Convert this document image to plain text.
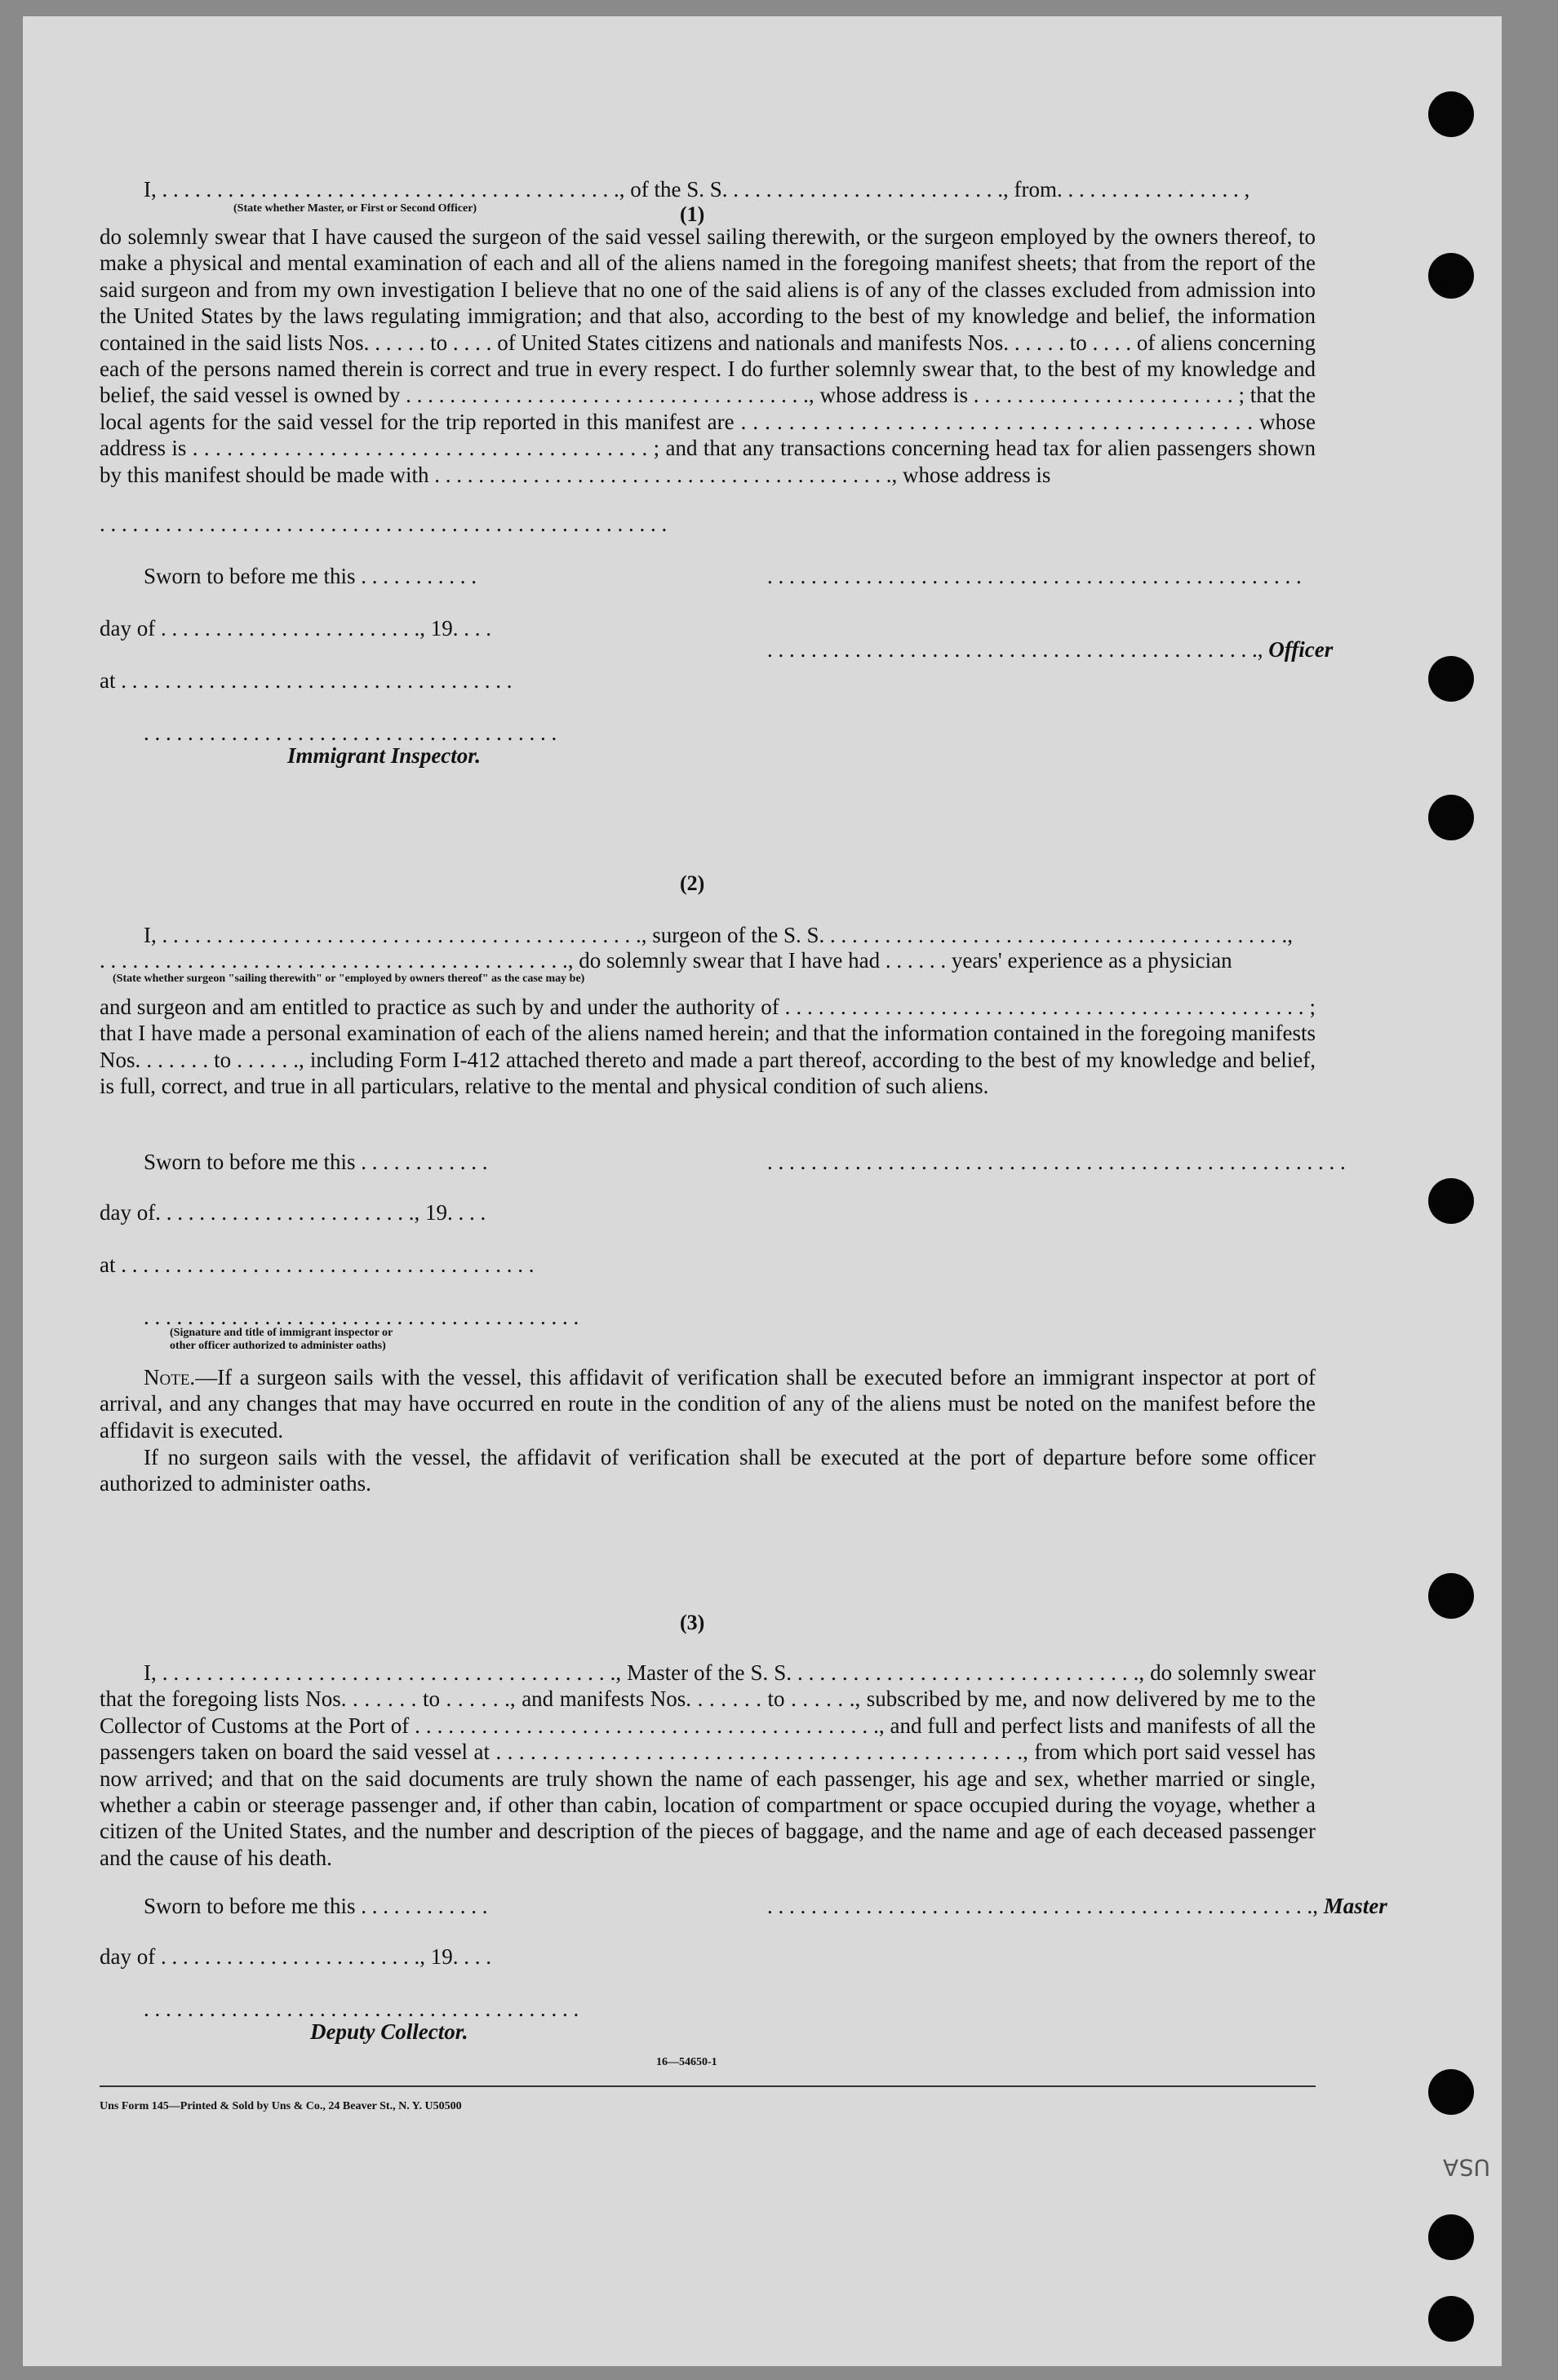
(1)
I, . . . . . . . . . . . . . . . . . . . . . . . . . . . . . . . . . . . . . . . . . ., of the S. S. . . . . . . . . . . . . . . . . . . . . . . . . ., from. . . . . . . . . . . . . . . . . ,
(State whether Master, or First or Second Officer)
do solemnly swear that I have caused the surgeon of the said vessel sailing therewith, or the surgeon employed by the owners thereof, to make a physical and mental examination of each and all of the aliens named in the foregoing manifest sheets; that from the report of the said surgeon and from my own investigation I believe that no one of the said aliens is of any of the classes excluded from admission into the United States by the laws regulating immigration; and that also, according to the best of my knowledge and belief, the information contained in the said lists Nos. . . . . . to . . . . of United States citizens and nationals and manifests Nos. . . . . . to . . . . of aliens concerning each of the persons named therein is correct and true in every respect. I do further solemnly swear that, to the best of my knowledge and belief, the said vessel is owned by . . . . . . . . . . . . . . . . . . . . . . . . . . . . . . . . . . . . ., whose address is . . . . . . . . . . . . . . . . . . . . . . . . ; that the local agents for the said vessel for the trip reported in this manifest are . . . . . . . . . . . . . . . . . . . . . . . . . . . . . . . . . . . . . . . . . . . whose address is . . . . . . . . . . . . . . . . . . . . . . . . . . . . . . . . . . . . . . . . ; and that any transactions concerning head tax for alien passengers shown by this manifest should be made with . . . . . . . . . . . . . . . . . . . . . . . . . . . . . . . . . . . . . . . . . ., whose address is
. . . . . . . . . . . . . . . . . . . . . . . . . . . . . . . . . . . . . . . . . . . . . . . . . . . .
Sworn to before me this . . . . . . . . . . .	. . . . . . . . . . . . . . . . . . . . . . . . . . . . . . . . . . . . . . . . . . . . . . . . .
day of . . . . . . . . . . . . . . . . . . . . . . . ., 19. . . .
. . . . . . . . . . . . . . . . . . . . . . . . . . . . . . . . . . . . . . . . . . . . ., Officer
at . . . . . . . . . . . . . . . . . . . . . . . . . . . . . . . . . . . .
. . . . . . . . . . . . . . . . . . . . . . . . . . . . . . . . . . . . . .
Immigrant Inspector.
(2)
I, . . . . . . . . . . . . . . . . . . . . . . . . . . . . . . . . . . . . . . . . . . . ., surgeon of the S. S. . . . . . . . . . . . . . . . . . . . . . . . . . . . . . . . . . . . . . . . . . .,
. . . . . . . . . . . . . . . . . . . . . . . . . . . . . . . . . . . . . . . . . . ., do solemnly swear that I have had . . . . . . years' experience as a physician
(State whether surgeon "sailing therewith" or "employed by owners thereof" as the case may be)
and surgeon and am entitled to practice as such by and under the authority of . . . . . . . . . . . . . . . . . . . . . . . . . . . . . . . . . . . . . . . . . . . . . . . ; that I have made a personal examination of each of the aliens named herein; and that the information contained in the foregoing manifests Nos. . . . . . . to . . . . . ., including Form I-412 attached thereto and made a part thereof, according to the best of my knowledge and belief, is full, correct, and true in all particulars, relative to the mental and physical condition of such aliens.
Sworn to before me this . . . . . . . . . . . .	. . . . . . . . . . . . . . . . . . . . . . . . . . . . . . . . . . . . . . . . . . . . . . . . . . . . .
day of. . . . . . . . . . . . . . . . . . . . . . . ., 19. . . .
at . . . . . . . . . . . . . . . . . . . . . . . . . . . . . . . . . . . . . .
. . . . . . . . . . . . . . . . . . . . . . . . . . . . . . . . . . . . . . . .
(Signature and title of immigrant inspector or
other officer authorized to administer oaths)
Note.—If a surgeon sails with the vessel, this affidavit of verification shall be executed before an immigrant inspector at port of arrival, and any changes that may have occurred en route in the condition of any of the aliens must be noted on the manifest before the affidavit is executed.
If no surgeon sails with the vessel, the affidavit of verification shall be executed at the port of departure before some officer authorized to administer oaths.
(3)
I, . . . . . . . . . . . . . . . . . . . . . . . . . . . . . . . . . . . . . . . . ., Master of the S. S. . . . . . . . . . . . . . . . . . . . . . . . . . . . . . . ., do solemnly swear that the foregoing lists Nos. . . . . . . to . . . . . ., and manifests Nos. . . . . . . to . . . . . ., subscribed by me, and now delivered by me to the Collector of Customs at the Port of . . . . . . . . . . . . . . . . . . . . . . . . . . . . . . . . . . . . . . . . . ., and full and perfect lists and manifests of all the passengers taken on board the said vessel at . . . . . . . . . . . . . . . . . . . . . . . . . . . . . . . . . . . . . . . . . . . . . ., from which port said vessel has now arrived; and that on the said documents are truly shown the name of each passenger, his age and sex, whether married or single, whether a cabin or steerage passenger and, if other than cabin, location of compartment or space occupied during the voyage, whether a citizen of the United States, and the number and description of the pieces of baggage, and the name and age of each deceased passenger and the cause of his death.
Sworn to before me this . . . . . . . . . . . .	. . . . . . . . . . . . . . . . . . . . . . . . . . . . . . . . . . . . . . . . . . . . . . . . . ., Master
day of . . . . . . . . . . . . . . . . . . . . . . . ., 19. . . .
. . . . . . . . . . . . . . . . . . . . . . . . . . . . . . . . . . . . . . . .
Deputy Collector.
16—54650-1
Uns Form 145—Printed & Sold by Uns & Co., 24 Beaver St., N. Y. U50500
USA
